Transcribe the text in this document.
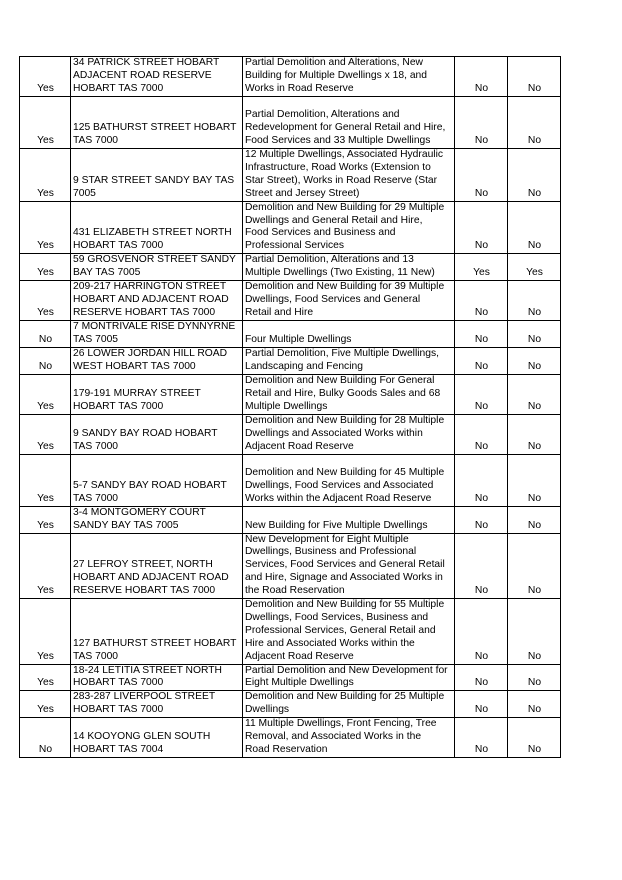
Yes	34 PATRICK STREET HOBART
ADJACENT ROAD RESERVE
HOBART TAS 7000	Partial Demolition and Alterations, New
Building for Multiple Dwellings x 18, and
Works in Road Reserve	No	No

Yes	125 BATHURST STREET HOBART
TAS 7000	Partial Demolition, Alterations and
Redevelopment for General Retail and Hire,
Food Services and 33 Multiple Dwellings	No	No

Yes	9 STAR STREET SANDY BAY TAS
7005	12 Multiple Dwellings, Associated Hydraulic
Infrastructure, Road Works (Extension to
Star Street), Works in Road Reserve (Star
Street and Jersey Street)	No	No

Yes	431 ELIZABETH STREET NORTH
HOBART TAS 7000	Demolition and New Building for 29 Multiple
Dwellings and General Retail and Hire,
Food Services and Business and
Professional Services	No	No

Yes	59 GROSVENOR STREET SANDY
BAY TAS 7005	Partial Demolition, Alterations and 13
Multiple Dwellings (Two Existing, 11 New)	Yes	Yes

Yes	209-217 HARRINGTON STREET
HOBART AND ADJACENT ROAD
RESERVE HOBART TAS 7000	Demolition and New Building for 39 Multiple
Dwellings, Food Services and General
Retail and Hire	No	No

No	7 MONTRIVALE RISE DYNNYRNE
TAS 7005	Four Multiple Dwellings	No	No

No	26 LOWER JORDAN HILL ROAD
WEST HOBART TAS 7000	Partial Demolition, Five Multiple Dwellings,
Landscaping and Fencing	No	No

Yes	179-191 MURRAY STREET
HOBART TAS 7000	Demolition and New Building For General
Retail and Hire, Bulky Goods Sales and 68
Multiple Dwellings	No	No

Yes	9 SANDY BAY ROAD HOBART
TAS 7000	Demolition and New Building for 28 Multiple
Dwellings and Associated Works within
Adjacent Road Reserve	No	No

Yes	5-7 SANDY BAY ROAD HOBART
TAS 7000	Demolition and New Building for 45 Multiple
Dwellings, Food Services and Associated
Works within the Adjacent Road Reserve	No	No

Yes	3-4 MONTGOMERY COURT
SANDY BAY TAS 7005	New Building for Five Multiple Dwellings	No	No

Yes	27 LEFROY STREET, NORTH
HOBART AND ADJACENT ROAD
RESERVE HOBART TAS 7000	New Development for Eight Multiple
Dwellings, Business and Professional
Services, Food Services and General Retail
and Hire, Signage and Associated Works in
the Road Reservation	No	No

Yes	127 BATHURST STREET HOBART
TAS 7000	Demolition and New Building for 55 Multiple
Dwellings, Food Services, Business and
Professional Services, General Retail and
Hire and Associated Works within the
Adjacent Road Reserve	No	No

Yes	18-24 LETITIA STREET NORTH
HOBART TAS 7000	Partial Demolition and New Development for
Eight Multiple Dwellings	No	No

Yes	283-287 LIVERPOOL STREET
HOBART TAS 7000	Demolition and New Building for 25 Multiple
Dwellings	No	No

No	14 KOOYONG GLEN SOUTH
HOBART TAS 7004	11 Multiple Dwellings, Front Fencing, Tree
Removal, and Associated Works in the
Road Reservation	No	No
